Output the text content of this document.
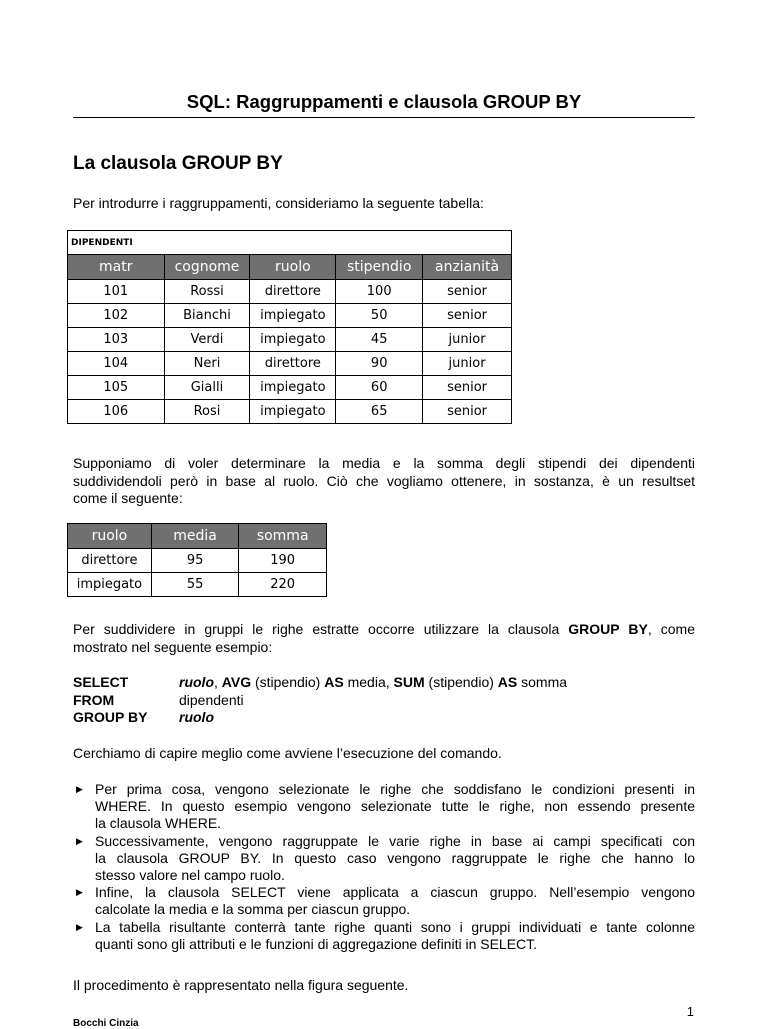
SQL: Raggruppamenti e clausola GROUP BY
La clausola GROUP BY
Per introdurre i raggruppamenti, consideriamo la seguente tabella:
DIPENDENTI				
matr	cognome	ruolo	stipendio	anzianità
101	Rossi	direttore	100	senior
102	Bianchi	impiegato	50	senior
103	Verdi	impiegato	45	junior
104	Neri	direttore	90	junior
105	Gialli	impiegato	60	senior
106	Rosi	impiegato	65	senior
Supponiamo di voler determinare la media e la somma degli stipendi dei dipendenti
suddividendoli però in base al ruolo. Ciò che vogliamo ottenere, in sostanza, è un resultset
come il seguente:
ruolo	media	somma
direttore	95	190
impiegato	55	220
Per suddividere in gruppi le righe estratte occorre utilizzare la clausola GROUP BY, come
mostrato nel seguente esempio:
SELECT	ruolo, AVG (stipendio) AS media, SUM (stipendio) AS somma
FROM	dipendenti
GROUP BY	ruolo
Cerchiamo di capire meglio come avviene l’esecuzione del comando.
▶ Per prima cosa, vengono selezionate le righe che soddisfano le condizioni presenti in
WHERE. In questo esempio vengono selezionate tutte le righe, non essendo presente
la clausola WHERE.
▶ Successivamente, vengono raggruppate le varie righe in base ai campi specificati con
la clausola GROUP BY. In questo caso vengono raggruppate le righe che hanno lo
stesso valore nel campo ruolo.
▶ Infine, la clausola SELECT viene applicata a ciascun gruppo. Nell’esempio vengono
calcolate la media e la somma per ciascun gruppo.
▶ La tabella risultante conterrà tante righe quanti sono i gruppi individuati e tante colonne
quanti sono gli attributi e le funzioni di aggregazione definiti in SELECT.
Il procedimento è rappresentato nella figura seguente.
1
Bocchi Cinzia
